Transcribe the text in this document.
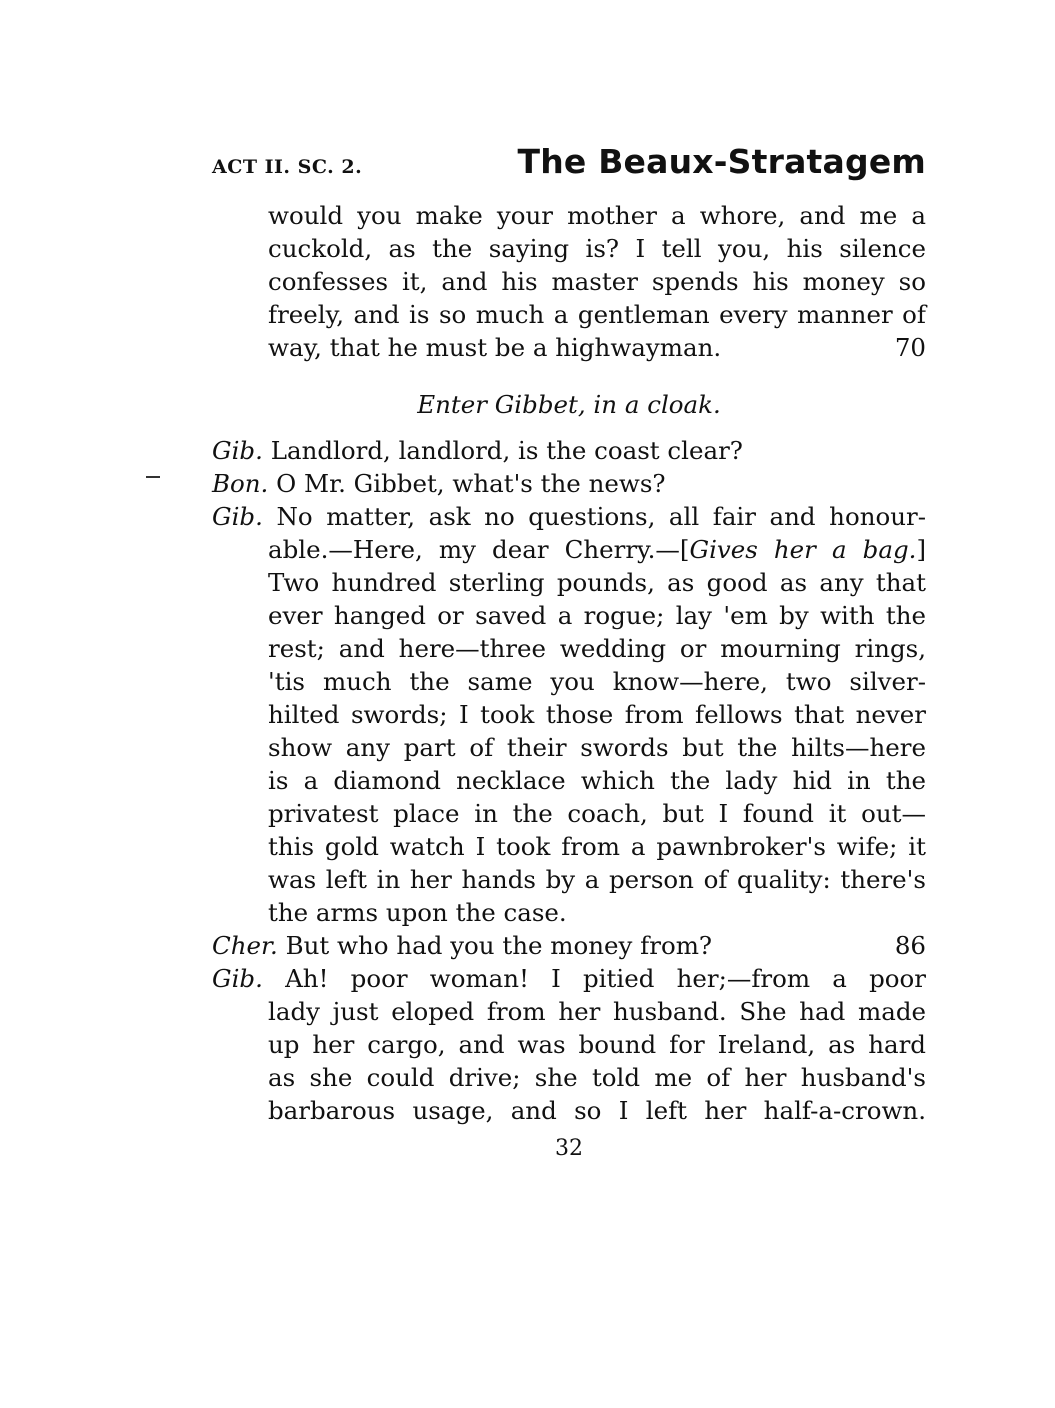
ACT II. SC. 2.	The Beaux-Stratagem
would you make your mother a whore, and me a
cuckold, as the saying is? I tell you, his silence
confesses it, and his master spends his money so
freely, and is so much a gentleman every manner of
way, that he must be a highwayman.	70
Enter Gibbet, in a cloak.
Gib. Landlord, landlord, is the coast clear?
Bon. O Mr. Gibbet, what's the news?
Gib. No matter, ask no questions, all fair and honour-
able.—Here, my dear Cherry.—[Gives her a bag.]
Two hundred sterling pounds, as good as any that
ever hanged or saved a rogue; lay 'em by with the
rest; and here—three wedding or mourning rings,
'tis much the same you know—here, two silver-
hilted swords; I took those from fellows that never
show any part of their swords but the hilts—here
is a diamond necklace which the lady hid in the
privatest place in the coach, but I found it out—
this gold watch I took from a pawnbroker's wife; it
was left in her hands by a person of quality: there's
the arms upon the case.
Cher. But who had you the money from?	86
Gib. Ah! poor woman! I pitied her;—from a poor
lady just eloped from her husband. She had made
up her cargo, and was bound for Ireland, as hard
as she could drive; she told me of her husband's
barbarous usage, and so I left her half-a-crown.
32
